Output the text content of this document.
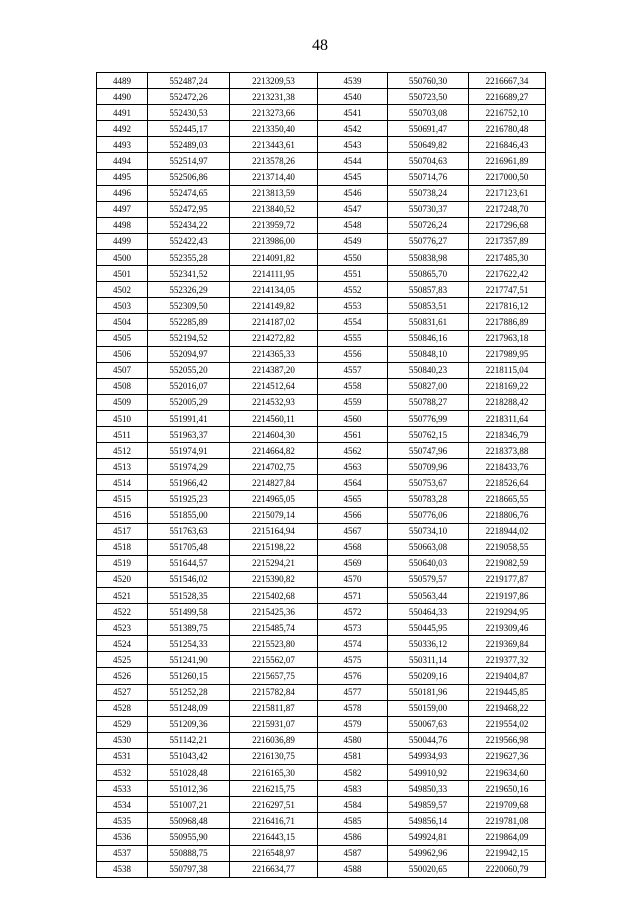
48
4489	552487,24	2213209,53	4539	550760,30	2216667,34
4490	552472,26	2213231,38	4540	550723,50	2216689,27
4491	552430,53	2213273,66	4541	550703,08	2216752,10
4492	552445,17	2213350,40	4542	550691,47	2216780,48
4493	552489,03	2213443,61	4543	550649,82	2216846,43
4494	552514,97	2213578,26	4544	550704,63	2216961,89
4495	552506,86	2213714,40	4545	550714,76	2217000,50
4496	552474,65	2213813,59	4546	550738,24	2217123,61
4497	552472,95	2213840,52	4547	550730,37	2217248,70
4498	552434,22	2213959,72	4548	550726,24	2217296,68
4499	552422,43	2213986,00	4549	550776,27	2217357,89
4500	552355,28	2214091,82	4550	550838,98	2217485,30
4501	552341,52	2214111,95	4551	550865,70	2217622,42
4502	552326,29	2214134,05	4552	550857,83	2217747,51
4503	552309,50	2214149,82	4553	550853,51	2217816,12
4504	552285,89	2214187,02	4554	550831,61	2217886,89
4505	552194,52	2214272,82	4555	550846,16	2217963,18
4506	552094,97	2214365,33	4556	550848,10	2217989,95
4507	552055,20	2214387,20	4557	550840,23	2218115,04
4508	552016,07	2214512,64	4558	550827,00	2218169,22
4509	552005,29	2214532,93	4559	550788,27	2218288,42
4510	551991,41	2214560,11	4560	550776,99	2218311,64
4511	551963,37	2214604,30	4561	550762,15	2218346,79
4512	551974,91	2214664,82	4562	550747,96	2218373,88
4513	551974,29	2214702,75	4563	550709,96	2218433,76
4514	551966,42	2214827,84	4564	550753,67	2218526,64
4515	551925,23	2214965,05	4565	550783,28	2218665,55
4516	551855,00	2215079,14	4566	550776,06	2218806,76
4517	551763,63	2215164,94	4567	550734,10	2218944,02
4518	551705,48	2215198,22	4568	550663,08	2219058,55
4519	551644,57	2215294,21	4569	550640,03	2219082,59
4520	551546,02	2215390,82	4570	550579,57	2219177,87
4521	551528,35	2215402,68	4571	550563,44	2219197,86
4522	551499,58	2215425,36	4572	550464,33	2219294,95
4523	551389,75	2215485,74	4573	550445,95	2219309,46
4524	551254,33	2215523,80	4574	550336,12	2219369,84
4525	551241,90	2215562,07	4575	550311,14	2219377,32
4526	551260,15	2215657,75	4576	550209,16	2219404,87
4527	551252,28	2215782,84	4577	550181,96	2219445,85
4528	551248,09	2215811,87	4578	550159,00	2219468,22
4529	551209,36	2215931,07	4579	550067,63	2219554,02
4530	551142,21	2216036,89	4580	550044,76	2219566,98
4531	551043,42	2216130,75	4581	549934,93	2219627,36
4532	551028,48	2216165,30	4582	549910,92	2219634,60
4533	551012,36	2216215,75	4583	549850,33	2219650,16
4534	551007,21	2216297,51	4584	549859,57	2219709,68
4535	550968,48	2216416,71	4585	549856,14	2219781,08
4536	550955,90	2216443,15	4586	549924,81	2219864,09
4537	550888,75	2216548,97	4587	549962,96	2219942,15
4538	550797,38	2216634,77	4588	550020,65	2220060,79
